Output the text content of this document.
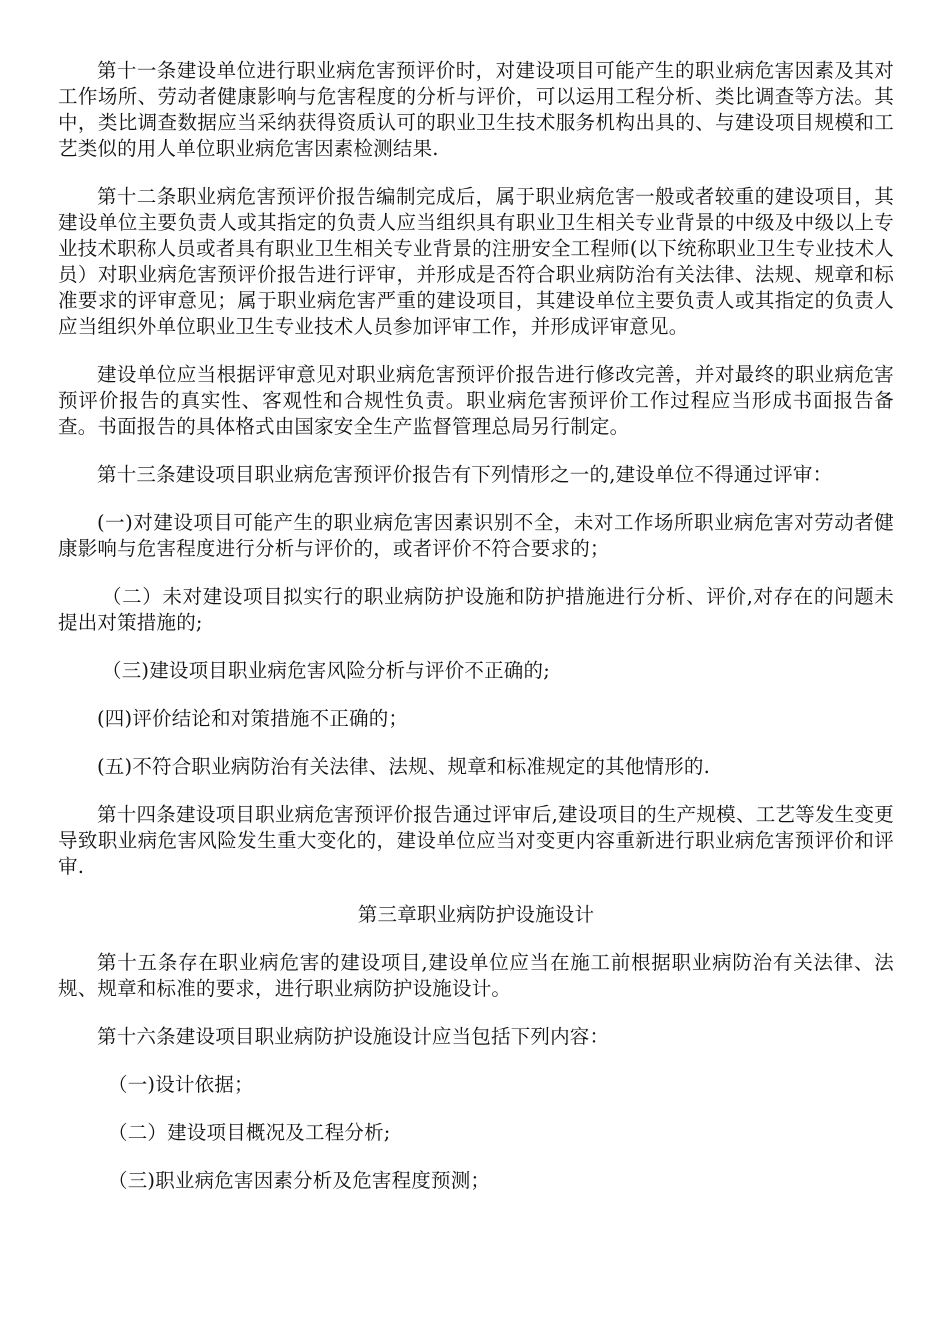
第十一条建设单位进行职业病危害预评价时，对建设项目可能产生的职业病危害因素及其对工作场所、劳动者健康影响与危害程度的分析与评价，可以运用工程分析、类比调查等方法。其中，类比调查数据应当采纳获得资质认可的职业卫生技术服务机构出具的、与建设项目规模和工艺类似的用人单位职业病危害因素检测结果.

第十二条职业病危害预评价报告编制完成后，属于职业病危害一般或者较重的建设项目，其建设单位主要负责人或其指定的负责人应当组织具有职业卫生相关专业背景的中级及中级以上专业技术职称人员或者具有职业卫生相关专业背景的注册安全工程师(以下统称职业卫生专业技术人员）对职业病危害预评价报告进行评审，并形成是否符合职业病防治有关法律、法规、规章和标准要求的评审意见；属于职业病危害严重的建设项目，其建设单位主要负责人或其指定的负责人应当组织外单位职业卫生专业技术人员参加评审工作，并形成评审意见。

建设单位应当根据评审意见对职业病危害预评价报告进行修改完善，并对最终的职业病危害预评价报告的真实性、客观性和合规性负责。职业病危害预评价工作过程应当形成书面报告备查。书面报告的具体格式由国家安全生产监督管理总局另行制定。

第十三条建设项目职业病危害预评价报告有下列情形之一的,建设单位不得通过评审：

(一)对建设项目可能产生的职业病危害因素识别不全，未对工作场所职业病危害对劳动者健康影响与危害程度进行分析与评价的，或者评价不符合要求的；

（二）未对建设项目拟实行的职业病防护设施和防护措施进行分析、评价,对存在的问题未提出对策措施的;

（三)建设项目职业病危害风险分析与评价不正确的;

(四)评价结论和对策措施不正确的；

(五)不符合职业病防治有关法律、法规、规章和标准规定的其他情形的.

第十四条建设项目职业病危害预评价报告通过评审后,建设项目的生产规模、工艺等发生变更导致职业病危害风险发生重大变化的，建设单位应当对变更内容重新进行职业病危害预评价和评审.

第三章职业病防护设施设计

第十五条存在职业病危害的建设项目,建设单位应当在施工前根据职业病防治有关法律、法规、规章和标准的要求，进行职业病防护设施设计。

第十六条建设项目职业病防护设施设计应当包括下列内容：

（一)设计依据；

（二）建设项目概况及工程分析;

（三)职业病危害因素分析及危害程度预测；
